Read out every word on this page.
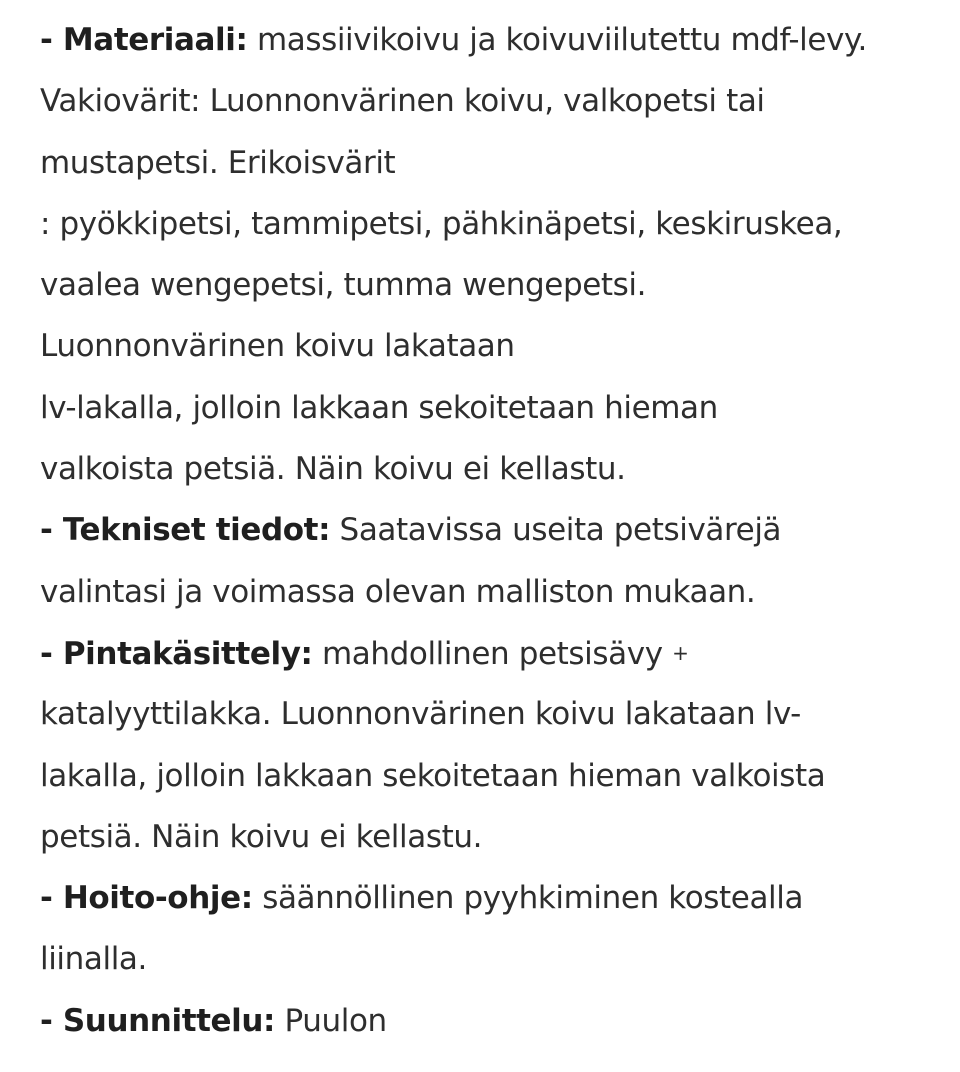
- Materiaali: massiivikoivu ja koivuviilutettu mdf-levy.
Vakiovärit: Luonnonvärinen koivu, valkopetsi tai
mustapetsi. Erikoisvärit
: pyökkipetsi, tammipetsi, pähkinäpetsi, keskiruskea,
vaalea wengepetsi, tumma wengepetsi.
Luonnonvärinen koivu lakataan
lv-lakalla, jolloin lakkaan sekoitetaan hieman
valkoista petsiä. Näin koivu ei kellastu.
- Tekniset tiedot: Saatavissa useita petsivärejä
valintasi ja voimassa olevan malliston mukaan.
- Pintakäsittely: mahdollinen petsisävy +
katalyyttilakka. Luonnonvärinen koivu lakataan lv-
lakalla, jolloin lakkaan sekoitetaan hieman valkoista
petsiä. Näin koivu ei kellastu.
- Hoito-ohje: säännöllinen pyyhkiminen kostealla
liinalla.
- Suunnittelu: Puulon
